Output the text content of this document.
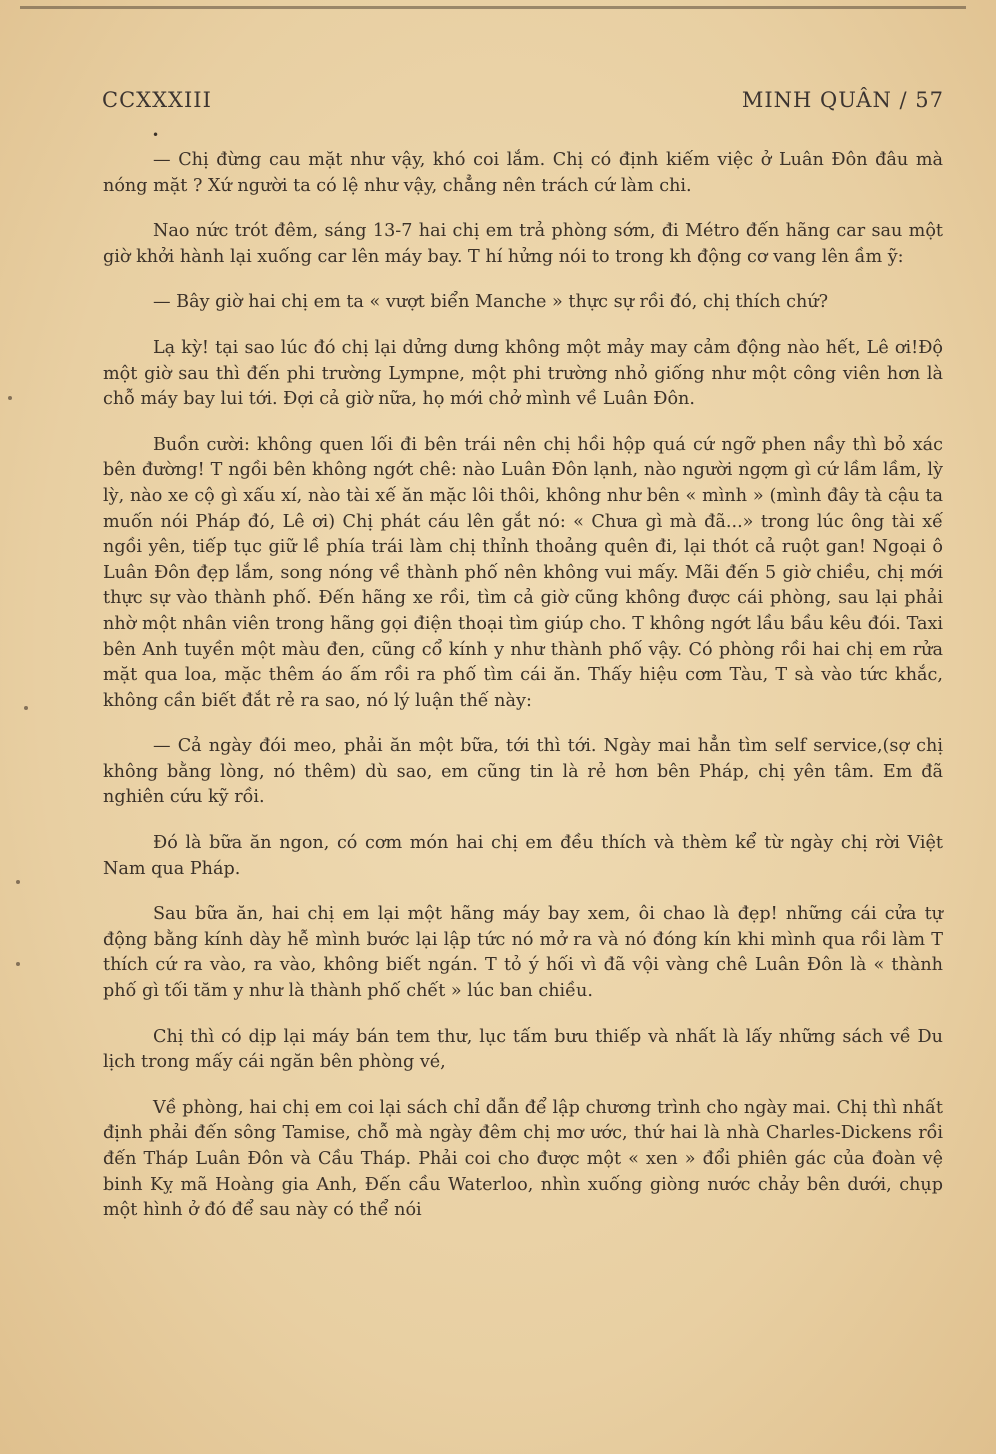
CCXXXIII	MINH QUÂN / 57
•

— Chị đừng cau mặt như vậy, khó coi lắm. Chị có định kiếm việc ở Luân Đôn đâu mà nóng mặt ? Xứ người ta có lệ như vậy, chẳng nên trách cứ làm chi.

Nao nức trót đêm, sáng 13-7 hai chị em trả phòng sớm, đi Métro đến hãng car sau một giờ khởi hành lại xuống car lên máy bay. T hí hửng nói to trong kh động cơ vang lên ầm ỹ:

— Bây giờ hai chị em ta « vượt biển Manche » thực sự rồi đó, chị thích chứ?

Lạ kỳ! tại sao lúc đó chị lại dửng dưng không một mảy may cảm động nào hết, Lê ơi!Độ một giờ sau thì đến phi trường Lympne, một phi trường nhỏ giống như một công viên hơn là chỗ máy bay lui tới. Đợi cả giờ nữa, họ mới chở mình về Luân Đôn.

Buồn cười: không quen lối đi bên trái nên chị hồi hộp quá cứ ngỡ phen nầy thì bỏ xác bên đường! T ngồi bên không ngớt chê: nào Luân Đôn lạnh, nào người ngợm gì cứ lầm lầm, lỳ lỳ, nào xe cộ gì xấu xí, nào tài xế ăn mặc lôi thôi, không như bên « mình » (mình đây tà cậu ta muốn nói Pháp đó, Lê ơi) Chị phát cáu lên gắt nó: « Chưa gì mà đã...» trong lúc ông tài xế ngồi yên, tiếp tục giữ lề phía trái làm chị thỉnh thoảng quên đi, lại thót cả ruột gan! Ngoại ô Luân Đôn đẹp lắm, song nóng về thành phố nên không vui mấy. Mãi đến 5 giờ chiều, chị mới thực sự vào thành phố. Đến hãng xe rồi, tìm cả giờ cũng không được cái phòng, sau lại phải nhờ một nhân viên trong hãng gọi điện thoại tìm giúp cho. T không ngớt lầu bầu kêu đói. Taxi bên Anh tuyền một màu đen, cũng cổ kính y như thành phố vậy. Có phòng rồi hai chị em rửa mặt qua loa, mặc thêm áo ấm rồi ra phố tìm cái ăn. Thấy hiệu cơm Tàu, T sà vào tức khắc, không cần biết đắt rẻ ra sao, nó lý luận thế này:

— Cả ngày đói meo, phải ăn một bữa, tới thì tới. Ngày mai hẳn tìm self service,(sợ chị không bằng lòng, nó thêm) dù sao, em cũng tin là rẻ hơn bên Pháp, chị yên tâm. Em đã nghiên cứu kỹ rồi.

Đó là bữa ăn ngon, có cơm món hai chị em đều thích và thèm kể từ ngày chị rời Việt Nam qua Pháp.

Sau bữa ăn, hai chị em lại một hãng máy bay xem, ôi chao là đẹp! những cái cửa tự động bằng kính dày hễ mình bước lại lập tức nó mở ra và nó đóng kín khi mình qua rồi làm T thích cứ ra vào, ra vào, không biết ngán. T tỏ ý hối vì đã vội vàng chê Luân Đôn là « thành phố gì tối tăm y như là thành phố chết » lúc ban chiều.

Chị thì có dịp lại máy bán tem thư, lục tấm bưu thiếp và nhất là lấy những sách về Du lịch trong mấy cái ngăn bên phòng vé,

Về phòng, hai chị em coi lại sách chỉ dẫn để lập chương trình cho ngày mai. Chị thì nhất định phải đến sông Tamise, chỗ mà ngày đêm chị mơ ước, thứ hai là nhà Charles-Dickens rồi đến Tháp Luân Đôn và Cầu Tháp. Phải coi cho được một « xen » đổi phiên gác của đoàn vệ binh Kỵ mã Hoàng gia Anh, Đến cầu Waterloo, nhìn xuống giòng nước chảy bên dưới, chụp một hình ở đó để sau này có thể nói
